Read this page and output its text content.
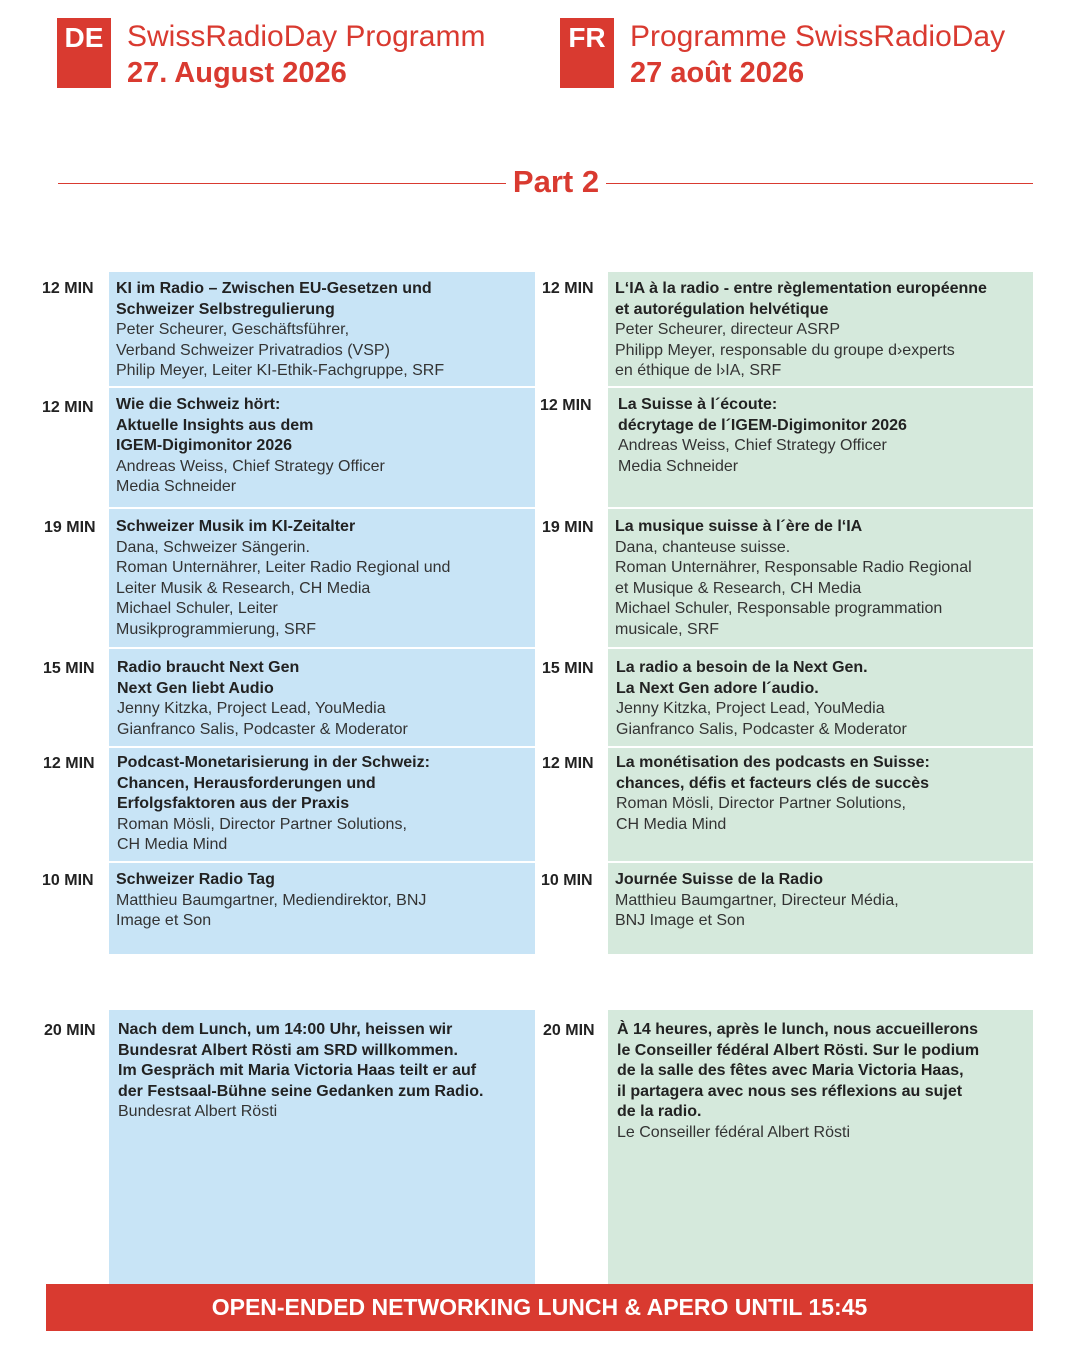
DE SwissRadioDay Programm
27. August 2026
FR Programme SwissRadioDay
27 août 2026
Part 2
12 MIN KI im Radio – Zwischen EU-Gesetzen und
Schweizer Selbstregulierung
Peter Scheurer, Geschäftsführer,
Verband Schweizer Privatradios (VSP)
Philip Meyer, Leiter KI-Ethik-Fachgruppe, SRF
12 MIN L‘IA à la radio - entre règlementation européenne
et autorégulation helvétique
Peter Scheurer, directeur ASRP
Philipp Meyer, responsable du groupe d›experts
en éthique de l›IA, SRF
12 MIN Wie die Schweiz hört:
Aktuelle Insights aus dem
IGEM-Digimonitor 2026
Andreas Weiss, Chief Strategy Officer
Media Schneider
12 MIN La Suisse à l´écoute:
décrytage de l´IGEM-Digimonitor 2026
Andreas Weiss, Chief Strategy Officer
Media Schneider
19 MIN Schweizer Musik im KI-Zeitalter
Dana, Schweizer Sängerin.
Roman Unternährer, Leiter Radio Regional und
Leiter Musik & Research, CH Media
Michael Schuler, Leiter
Musikprogrammierung, SRF
19 MIN La musique suisse à l´ère de l‘IA
Dana, chanteuse suisse.
Roman Unternährer, Responsable Radio Regional
et Musique & Research, CH Media
Michael Schuler, Responsable programmation
musicale, SRF
15 MIN Radio braucht Next Gen
Next Gen liebt Audio
Jenny Kitzka, Project Lead, YouMedia
Gianfranco Salis, Podcaster & Moderator
15 MIN La radio a besoin de la Next Gen.
La Next Gen adore l´audio.
Jenny Kitzka, Project Lead, YouMedia
Gianfranco Salis, Podcaster & Moderator
12 MIN Podcast-Monetarisierung in der Schweiz:
Chancen, Herausforderungen und
Erfolgsfaktoren aus der Praxis
Roman Mösli, Director Partner Solutions,
CH Media Mind
12 MIN La monétisation des podcasts en Suisse:
chances, défis et facteurs clés de succès
Roman Mösli, Director Partner Solutions,
CH Media Mind
10 MIN Schweizer Radio Tag
Matthieu Baumgartner, Mediendirektor, BNJ
Image et Son
10 MIN Journée Suisse de la Radio
Matthieu Baumgartner, Directeur Média,
BNJ Image et Son
20 MIN Nach dem Lunch, um 14:00 Uhr, heissen wir
Bundesrat Albert Rösti am SRD willkommen.
Im Gespräch mit Maria Victoria Haas teilt er auf
der Festsaal-Bühne seine Gedanken zum Radio.
Bundesrat Albert Rösti
20 MIN À 14 heures, après le lunch, nous accueillerons
le Conseiller fédéral Albert Rösti. Sur le podium
de la salle des fêtes avec Maria Victoria Haas,
il partagera avec nous ses réflexions au sujet
de la radio.
Le Conseiller fédéral Albert Rösti
OPEN-ENDED NETWORKING LUNCH & APERO UNTIL 15:45
